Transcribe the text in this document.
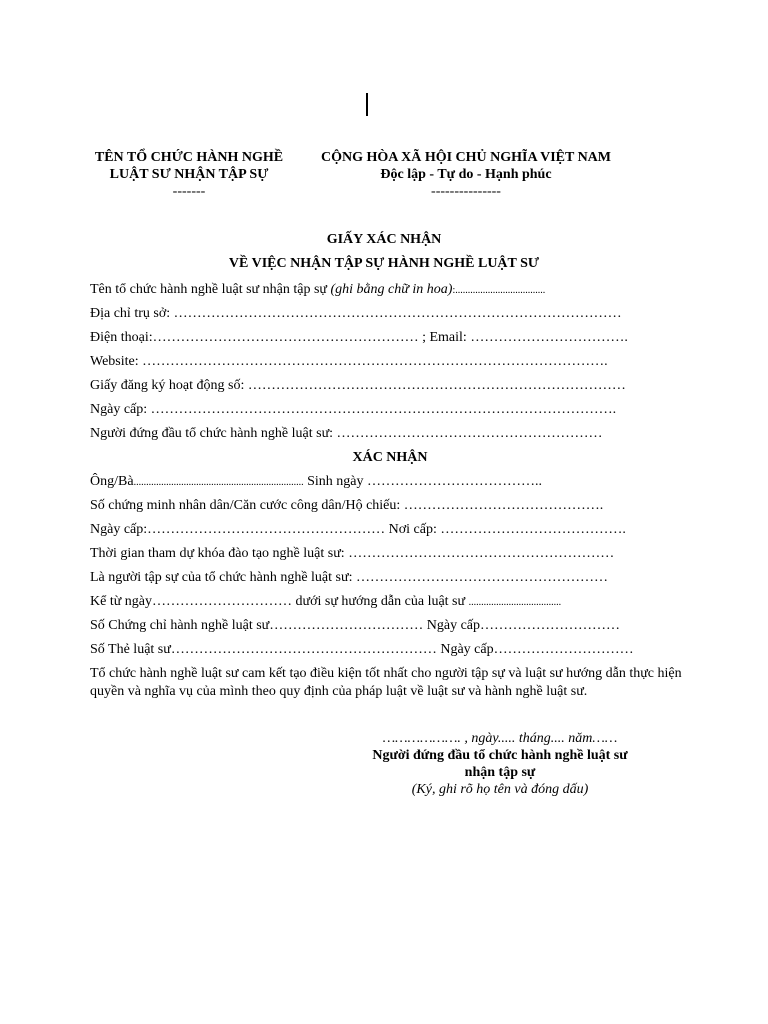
TÊN TỔ CHỨC HÀNH NGHỀ
LUẬT SƯ NHẬN TẬP SỰ
-------
CỘNG HÒA XÃ HỘI CHỦ NGHĨA VIỆT NAM
Độc lập - Tự do - Hạnh phúc
---------------
GIẤY XÁC NHẬN
VỀ VIỆC NHẬN TẬP SỰ HÀNH NGHỀ LUẬT SƯ
Tên tổ chức hành nghề luật sư nhận tập sự (ghi bằng chữ in hoa):....................................
Địa chỉ trụ sở: ……………………………………………………………………………………
Điện thoại:………………………………………………… ; Email: …………………………….
Website: ……………………………………………………………………………………….
Giấy đăng ký hoạt động số: ………………………………………………………………………
Ngày cấp: ……………………………………………………………………………………….
Người đứng đầu tổ chức hành nghề luật sư: …………………………………………………
XÁC NHẬN
Ông/Bà.................................................................... Sinh ngày ………………………………..
Số chứng minh nhân dân/Căn cước công dân/Hộ chiếu: …………………………………….
Ngày cấp:…………………………………………… Nơi cấp: ………………………………….
Thời gian tham dự khóa đào tạo nghề luật sư: …………………………………………………
Là người tập sự của tổ chức hành nghề luật sư: ………………………………………………
Kể từ ngày………………………… dưới sự hướng dẫn của luật sư .....................................
Số Chứng chỉ hành nghề luật sư…………………………… Ngày cấp…………………………
Số Thẻ luật sư………………………………………………… Ngày cấp…………………………
Tổ chức hành nghề luật sư cam kết tạo điều kiện tốt nhất cho người tập sự và luật sư hướng dẫn thực hiện quyền và nghĩa vụ của mình theo quy định của pháp luật về luật sư và hành nghề luật sư.
………………. , ngày..... tháng.... năm……
Người đứng đầu tổ chức hành nghề luật sư
nhận tập sự
(Ký, ghi rõ họ tên và đóng dấu)
